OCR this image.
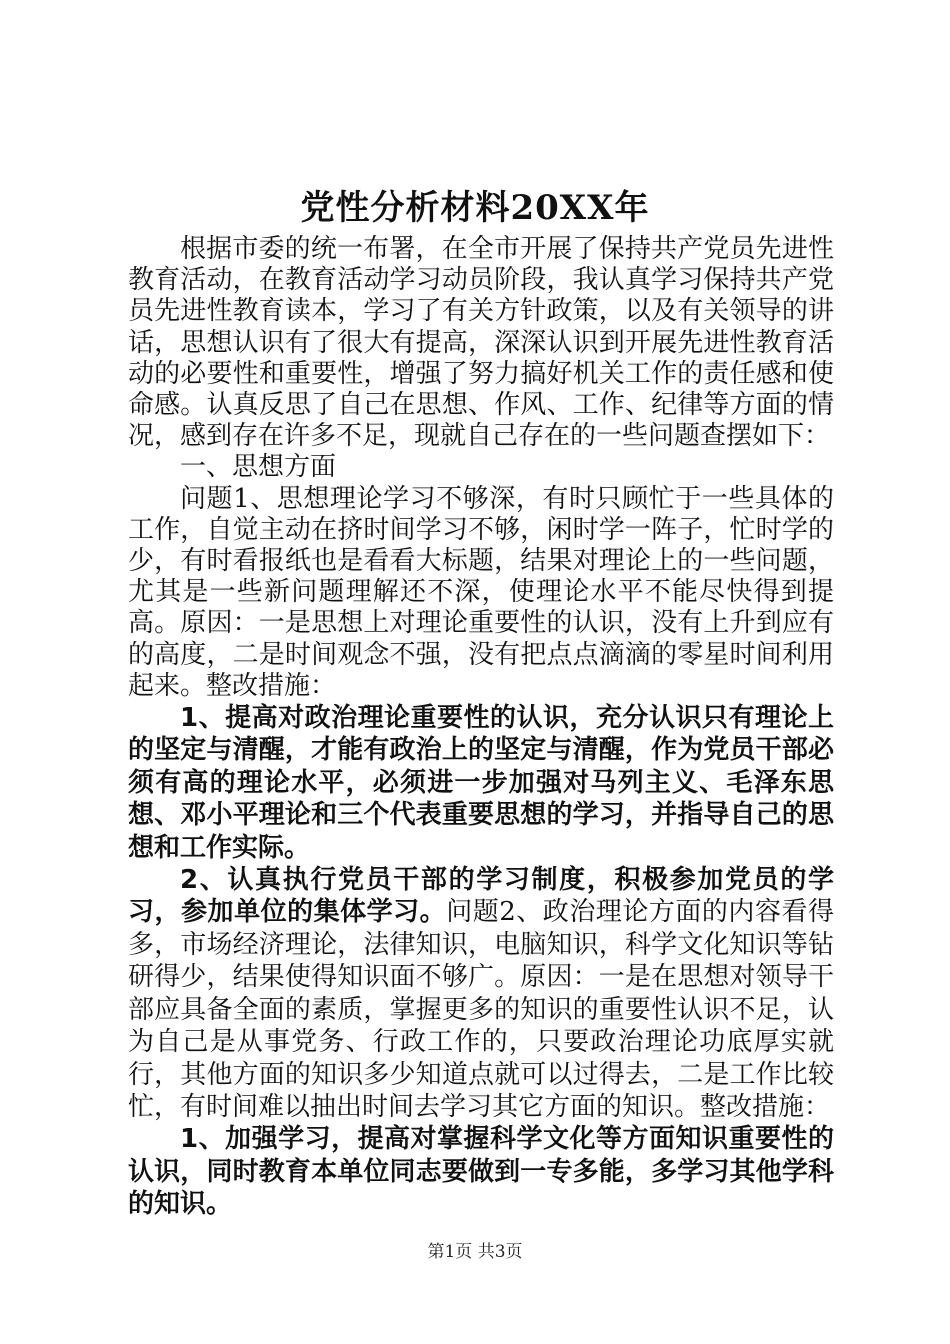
党性分析材料20XX年

根据市委的统一布署，在全市开展了保持共产党员先进性教育活动，在教育活动学习动员阶段，我认真学习保持共产党员先进性教育读本，学习了有关方针政策，以及有关领导的讲话，思想认识有了很大有提高，深深认识到开展先进性教育活动的必要性和重要性，增强了努力搞好机关工作的责任感和使命感。认真反思了自己在思想、作风、工作、纪律等方面的情况，感到存在许多不足，现就自己存在的一些问题查摆如下：

一、思想方面

问题1、思想理论学习不够深，有时只顾忙于一些具体的工作，自觉主动在挤时间学习不够，闲时学一阵子，忙时学的少，有时看报纸也是看看大标题，结果对理论上的一些问题，尤其是一些新问题理解还不深，使理论水平不能尽快得到提高。原因：一是思想上对理论重要性的认识，没有上升到应有的高度，二是时间观念不强，没有把点点滴滴的零星时间利用起来。整改措施：

1、提高对政治理论重要性的认识，充分认识只有理论上的坚定与清醒，才能有政治上的坚定与清醒，作为党员干部必须有高的理论水平，必须进一步加强对马列主义、毛泽东思想、邓小平理论和三个代表重要思想的学习，并指导自己的思想和工作实际。

2、认真执行党员干部的学习制度，积极参加党员的学习，参加单位的集体学习。问题2、政治理论方面的内容看得多，市场经济理论，法律知识，电脑知识，科学文化知识等钻研得少，结果使得知识面不够广。原因：一是在思想对领导干部应具备全面的素质，掌握更多的知识的重要性认识不足，认为自己是从事党务、行政工作的，只要政治理论功底厚实就行，其他方面的知识多少知道点就可以过得去，二是工作比较忙，有时间难以抽出时间去学习其它方面的知识。整改措施：

1、加强学习，提高对掌握科学文化等方面知识重要性的认识，同时教育本单位同志要做到一专多能，多学习其他学科的知识。

第1页 共3页
